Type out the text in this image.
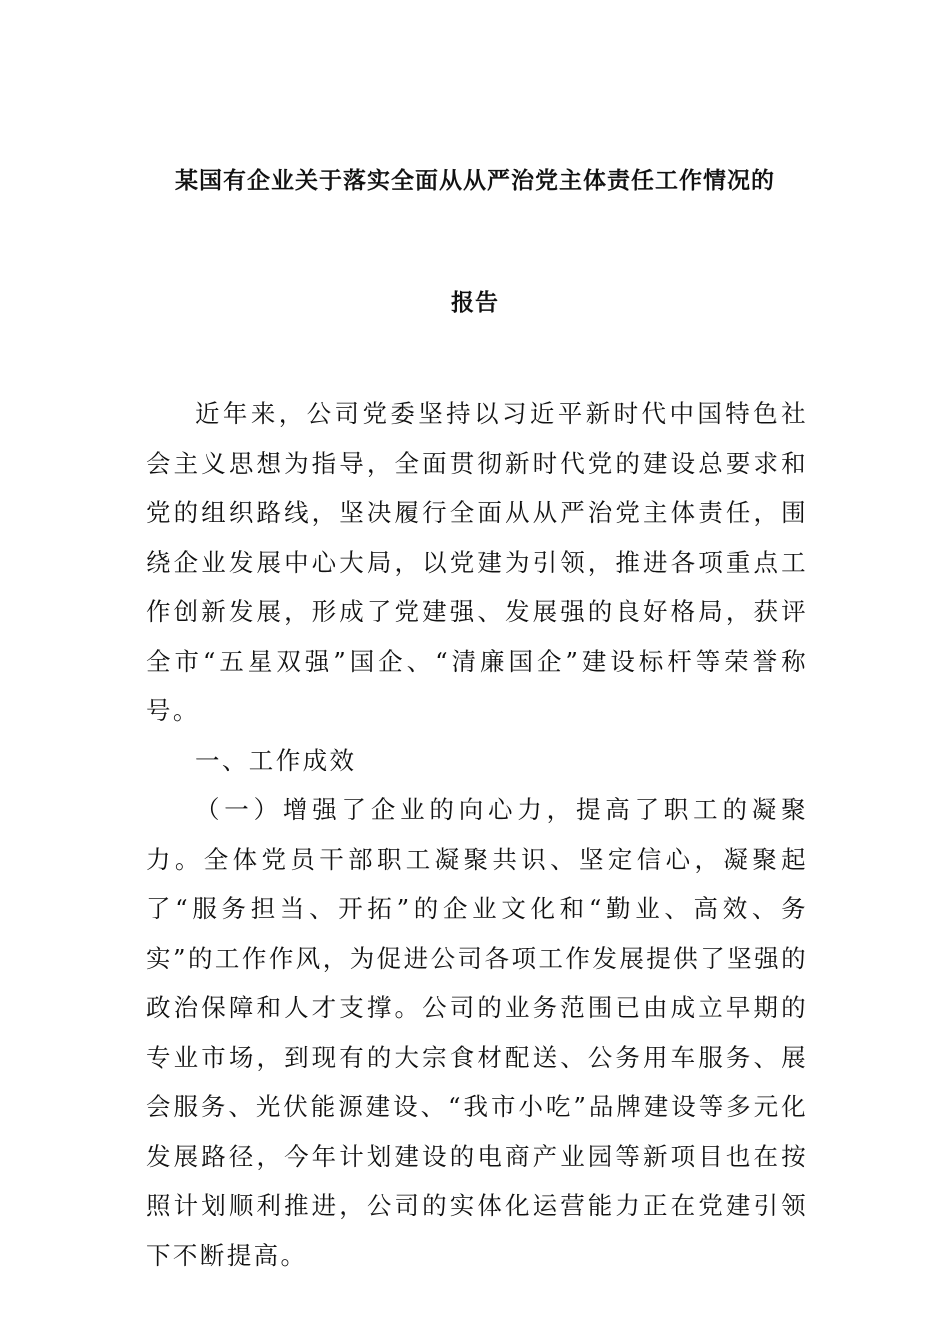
某国有企业关于落实全面从从严治党主体责任工作情况的
报告

近年来，公司党委坚持以习近平新时代中国特色社会主义思想为指导，全面贯彻新时代党的建设总要求和党的组织路线，坚决履行全面从从严治党主体责任，围绕企业发展中心大局，以党建为引领，推进各项重点工作创新发展，形成了党建强、发展强的良好格局，获评全市“五星双强”国企、“清廉国企”建设标杆等荣誉称号。

一、工作成效

（一）增强了企业的向心力，提高了职工的凝聚力。全体党员干部职工凝聚共识、坚定信心，凝聚起了“服务担当、开拓”的企业文化和“勤业、高效、务实”的工作作风，为促进公司各项工作发展提供了坚强的政治保障和人才支撑。公司的业务范围已由成立早期的专业市场，到现有的大宗食材配送、公务用车服务、展会服务、光伏能源建设、“我市小吃”品牌建设等多元化发展路径，今年计划建设的电商产业园等新项目也在按照计划顺利推进，公司的实体化运营能力正在党建引领下不断提高。
